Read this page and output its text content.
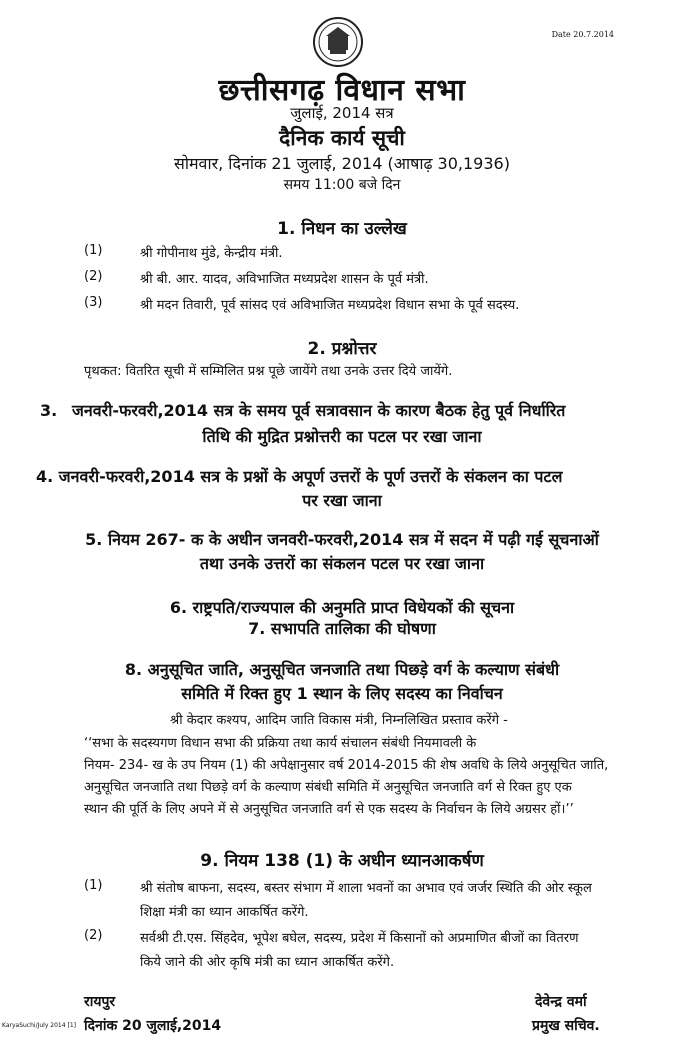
Date 20.7.2014
छत्तीसगढ़ विधान सभा
जुलाई, 2014 सत्र
दैनिक कार्य सूची
सोमवार, दिनांक 21 जुलाई, 2014 (आषाढ़ 30,1936)
समय 11:00 बजे दिन
1. निधन का उल्लेख
(1)	श्री गोपीनाथ मुंडे, केन्द्रीय मंत्री.
(2)	श्री बी. आर. यादव, अविभाजित मध्यप्रदेश शासन के पूर्व मंत्री.
(3)	श्री मदन तिवारी, पूर्व सांसद एवं अविभाजित मध्यप्रदेश विधान सभा के पूर्व सदस्य.
2. प्रश्नोत्तर
पृथकत: वितरित सूची में सम्मिलित प्रश्न पूछे जायेंगे तथा उनके उत्तर दिये जायेंगे.
3. जनवरी-फरवरी,2014 सत्र के समय पूर्व सत्रावसान के कारण बैठक हेतु पूर्व निर्धारित
तिथि की मुद्रित प्रश्नोत्तरी का पटल पर रखा जाना
4. जनवरी-फरवरी,2014 सत्र के प्रश्नों के अपूर्ण उत्तरों के पूर्ण उत्तरों के संकलन का पटल
पर रखा जाना
5. नियम 267- क के अधीन जनवरी-फरवरी,2014 सत्र में सदन में पढ़ी गई सूचनाओं
तथा उनके उत्तरों का संकलन पटल पर रखा जाना
6. राष्ट्रपति/राज्यपाल की अनुमति प्राप्त विधेयकों की सूचना
7. सभापति तालिका की घोषणा
8. अनुसूचित जाति, अनुसूचित जनजाति तथा पिछड़े वर्ग के कल्याण संबंधी
समिति में रिक्त हुए 1 स्थान के लिए सदस्य का निर्वाचन
श्री केदार कश्यप, आदिम जाति विकास मंत्री, निम्नलिखित प्रस्ताव करेंगे -
‘‘सभा के सदस्यगण विधान सभा की प्रक्रिया तथा कार्य संचालन संबंधी नियमावली के
नियम- 234- ख के उप नियम (1) की अपेक्षानुसार वर्ष 2014-2015 की शेष अवधि के लिये अनुसूचित जाति,
अनुसूचित जनजाति तथा पिछड़े वर्ग के कल्याण संबंधी समिति में अनुसूचित जनजाति वर्ग से रिक्त हुए एक
स्थान की पूर्ति के लिए अपने में से अनुसूचित जनजाति वर्ग से एक सदस्य के निर्वाचन के लिये अग्रसर हों।’’
9. नियम 138 (1) के अधीन ध्यानआकर्षण
(1)	श्री संतोष बाफना, सदस्य, बस्तर संभाग में शाला भवनों का अभाव एवं जर्जर स्थिति की ओर स्कूल
शिक्षा मंत्री का ध्यान आकर्षित करेंगे.
(2)	सर्वश्री टी.एस. सिंहदेव, भूपेश बघेल, सदस्य, प्रदेश में किसानों को अप्रमाणित बीजों का वितरण
किये जाने की ओर कृषि मंत्री का ध्यान आकर्षित करेंगे.
रायपुर
दिनांक 20 जुलाई,2014
देवेन्द्र वर्मा
प्रमुख सचिव.
KaryaSuchi/July 2014 [1]
